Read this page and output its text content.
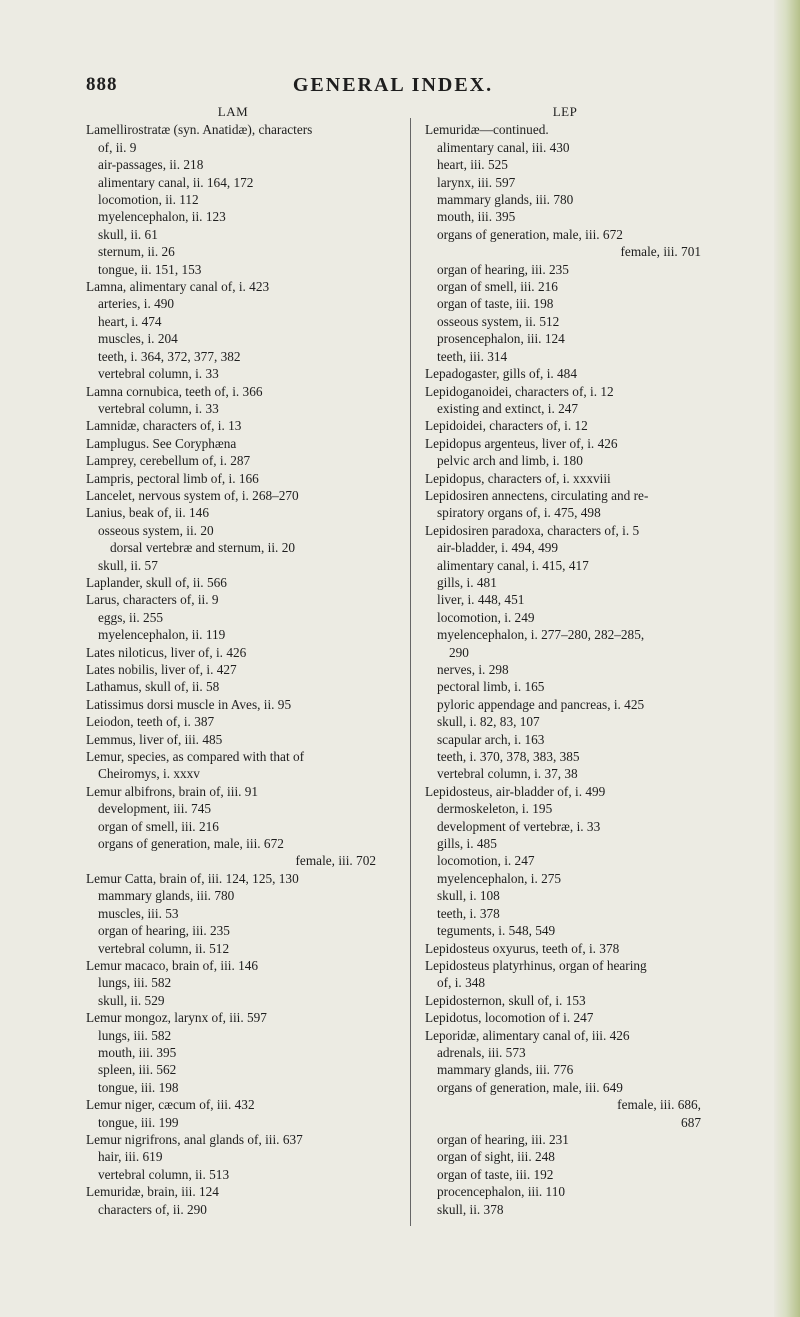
888	GENERAL INDEX.
LAM
Lamellirostratæ (syn. Anatidæ), characters
of, ii. 9
air-passages, ii. 218
alimentary canal, ii. 164, 172
locomotion, ii. 112
myelencephalon, ii. 123
skull, ii. 61
sternum, ii. 26
tongue, ii. 151, 153
Lamna, alimentary canal of, i. 423
arteries, i. 490
heart, i. 474
muscles, i. 204
teeth, i. 364, 372, 377, 382
vertebral column, i. 33
Lamna cornubica, teeth of, i. 366
vertebral column, i. 33
Lamnidæ, characters of, i. 13
Lamplugus. See Coryphæna
Lamprey, cerebellum of, i. 287
Lampris, pectoral limb of, i. 166
Lancelet, nervous system of, i. 268–270
Lanius, beak of, ii. 146
osseous system, ii. 20
dorsal vertebræ and sternum, ii. 20
skull, ii. 57
Laplander, skull of, ii. 566
Larus, characters of, ii. 9
eggs, ii. 255
myelencephalon, ii. 119
Lates niloticus, liver of, i. 426
Lates nobilis, liver of, i. 427
Lathamus, skull of, ii. 58
Latissimus dorsi muscle in Aves, ii. 95
Leiodon, teeth of, i. 387
Lemmus, liver of, iii. 485
Lemur, species, as compared with that of
Cheiromys, i. xxxv
Lemur albifrons, brain of, iii. 91
development, iii. 745
organ of smell, iii. 216
organs of generation, male, iii. 672
female, iii. 702
Lemur Catta, brain of, iii. 124, 125, 130
mammary glands, iii. 780
muscles, iii. 53
organ of hearing, iii. 235
vertebral column, ii. 512
Lemur macaco, brain of, iii. 146
lungs, iii. 582
skull, ii. 529
Lemur mongoz, larynx of, iii. 597
lungs, iii. 582
mouth, iii. 395
spleen, iii. 562
tongue, iii. 198
Lemur niger, cæcum of, iii. 432
tongue, iii. 199
Lemur nigrifrons, anal glands of, iii. 637
hair, iii. 619
vertebral column, ii. 513
Lemuridæ, brain, iii. 124
characters of, ii. 290
LEP
Lemuridæ—continued.
alimentary canal, iii. 430
heart, iii. 525
larynx, iii. 597
mammary glands, iii. 780
mouth, iii. 395
organs of generation, male, iii. 672
female, iii. 701
organ of hearing, iii. 235
organ of smell, iii. 216
organ of taste, iii. 198
osseous system, ii. 512
prosencephalon, iii. 124
teeth, iii. 314
Lepadogaster, gills of, i. 484
Lepidoganoidei, characters of, i. 12
existing and extinct, i. 247
Lepidoidei, characters of, i. 12
Lepidopus argenteus, liver of, i. 426
pelvic arch and limb, i. 180
Lepidopus, characters of, i. xxxviii
Lepidosiren annectens, circulating and re-
spiratory organs of, i. 475, 498
Lepidosiren paradoxa, characters of, i. 5
air-bladder, i. 494, 499
alimentary canal, i. 415, 417
gills, i. 481
liver, i. 448, 451
locomotion, i. 249
myelencephalon, i. 277–280, 282–285,
290
nerves, i. 298
pectoral limb, i. 165
pyloric appendage and pancreas, i. 425
skull, i. 82, 83, 107
scapular arch, i. 163
teeth, i. 370, 378, 383, 385
vertebral column, i. 37, 38
Lepidosteus, air-bladder of, i. 499
dermoskeleton, i. 195
development of vertebræ, i. 33
gills, i. 485
locomotion, i. 247
myelencephalon, i. 275
skull, i. 108
teeth, i. 378
teguments, i. 548, 549
Lepidosteus oxyurus, teeth of, i. 378
Lepidosteus platyrhinus, organ of hearing
of, i. 348
Lepidosternon, skull of, i. 153
Lepidotus, locomotion of i. 247
Leporidæ, alimentary canal of, iii. 426
adrenals, iii. 573
mammary glands, iii. 776
organs of generation, male, iii. 649
female, iii. 686,
687
organ of hearing, iii. 231
organ of sight, iii. 248
organ of taste, iii. 192
procencephalon, iii. 110
skull, ii. 378
